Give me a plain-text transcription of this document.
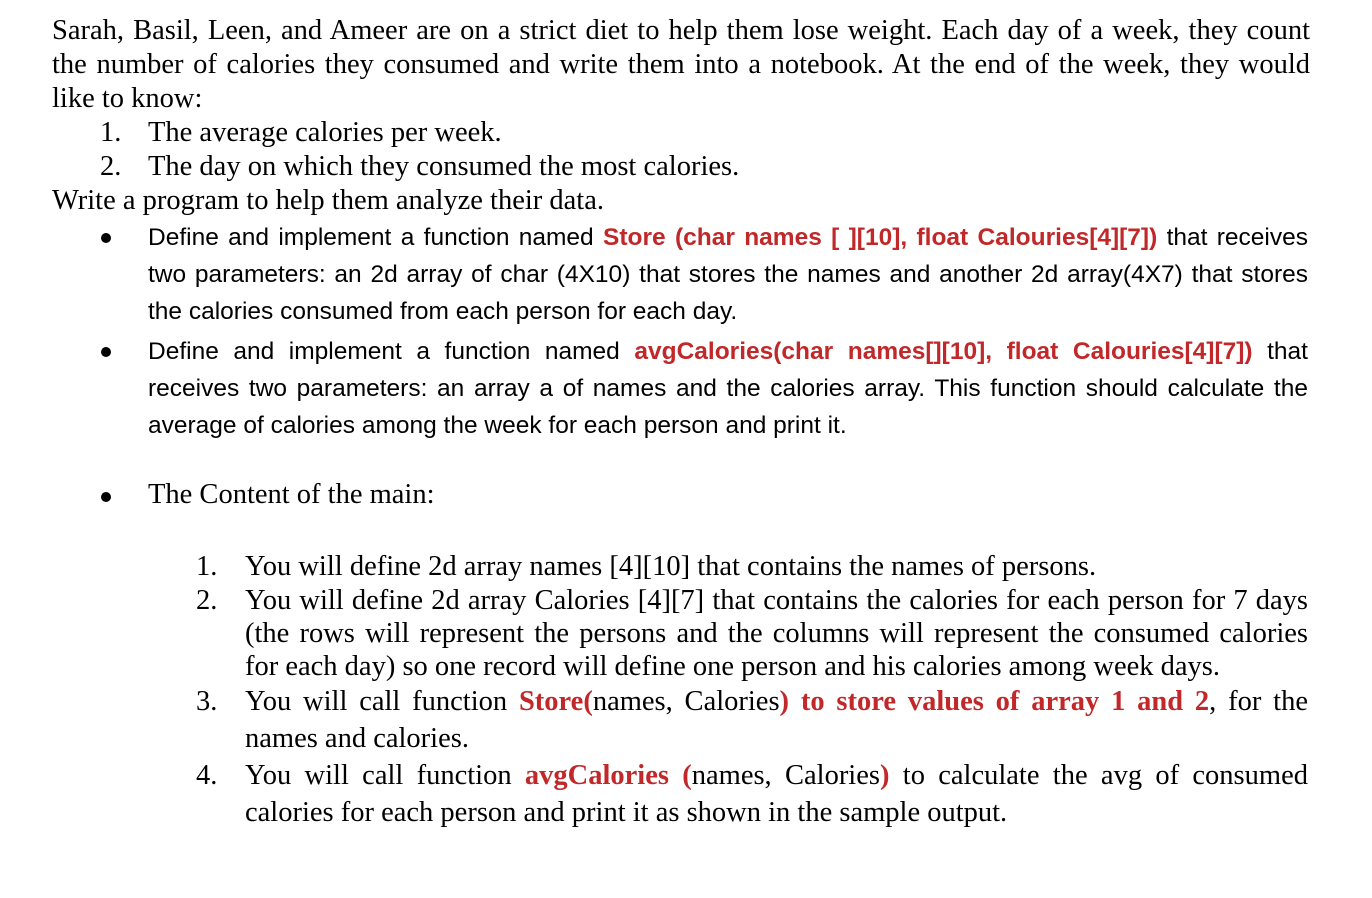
Sarah, Basil, Leen, and Ameer are on a strict diet to help them lose weight. Each day of a week, they count the number of calories they consumed and write them into a notebook. At the end of the week, they would like to know:
1. The average calories per week.
2. The day on which they consumed the most calories.
Write a program to help them analyze their data.
Define and implement a function named Store (char names [ ][10], float Calouries[4][7]) that receives two parameters: an 2d array of char (4X10) that stores the names and another 2d array(4X7) that stores the calories consumed from each person for each day.
Define and implement a function named avgCalories(char names[][10], float Calouries[4][7]) that receives two parameters: an array a of names and the calories array. This function should calculate the average of calories among the week for each person and print it.
The Content of the main:
1. You will define 2d array names [4][10] that contains the names of persons.
2. You will define 2d array Calories [4][7] that contains the calories for each person for 7 days (the rows will represent the persons and the columns will represent the consumed calories for each day) so one record will define one person and his calories among week days.
3. You will call function Store(names, Calories) to store values of array 1 and 2, for the names and calories.
4. You will call function avgCalories (names, Calories) to calculate the avg of consumed calories for each person and print it as shown in the sample output.
